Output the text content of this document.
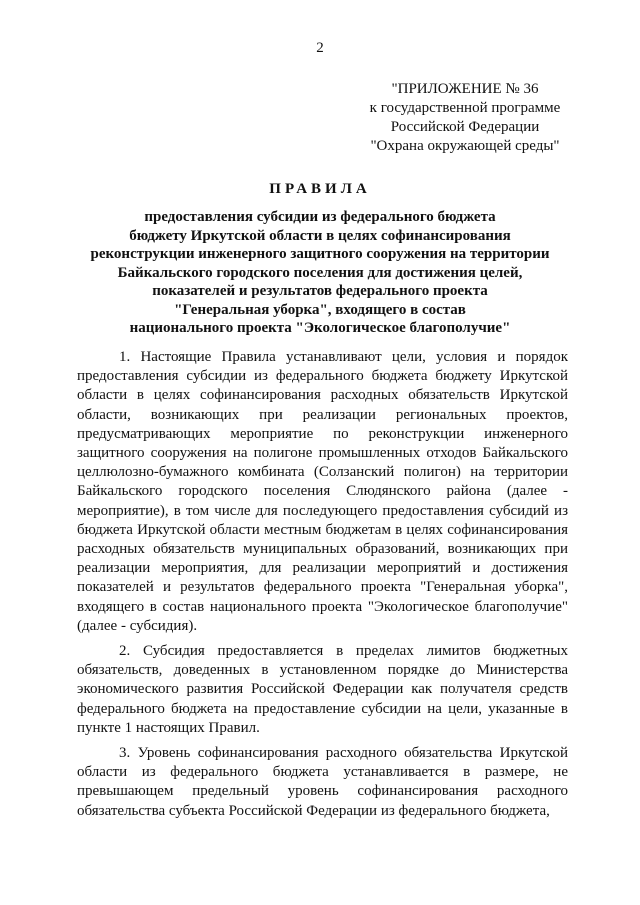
2
"ПРИЛОЖЕНИЕ № 36
к государственной программе
Российской Федерации
"Охрана окружающей среды"
ПРАВИЛА
предоставления субсидии из федерального бюджета
бюджету Иркутской области в целях софинансирования
реконструкции инженерного защитного сооружения на территории
Байкальского городского поселения для достижения целей,
показателей и результатов федерального проекта
"Генеральная уборка", входящего в состав
национального проекта "Экологическое благополучие"

1. Настоящие Правила устанавливают цели, условия и порядок предоставления субсидии из федерального бюджета бюджету Иркутской области в целях софинансирования расходных обязательств Иркутской области, возникающих при реализации региональных проектов, предусматривающих мероприятие по реконструкции инженерного защитного сооружения на полигоне промышленных отходов Байкальского целлюлозно-бумажного комбината (Солзанский полигон) на территории Байкальского городского поселения Слюдянского района (далее - мероприятие), в том числе для последующего предоставления субсидий из бюджета Иркутской области местным бюджетам в целях софинансирования расходных обязательств муниципальных образований, возникающих при реализации мероприятия, для реализации мероприятий и достижения показателей и результатов федерального проекта "Генеральная уборка", входящего в состав национального проекта "Экологическое благополучие" (далее - субсидия).

2. Субсидия предоставляется в пределах лимитов бюджетных обязательств, доведенных в установленном порядке до Министерства экономического развития Российской Федерации как получателя средств федерального бюджета на предоставление субсидии на цели, указанные в пункте 1 настоящих Правил.

3. Уровень софинансирования расходного обязательства Иркутской области из федерального бюджета устанавливается в размере, не превышающем предельный уровень софинансирования расходного обязательства субъекта Российской Федерации из федерального бюджета,
